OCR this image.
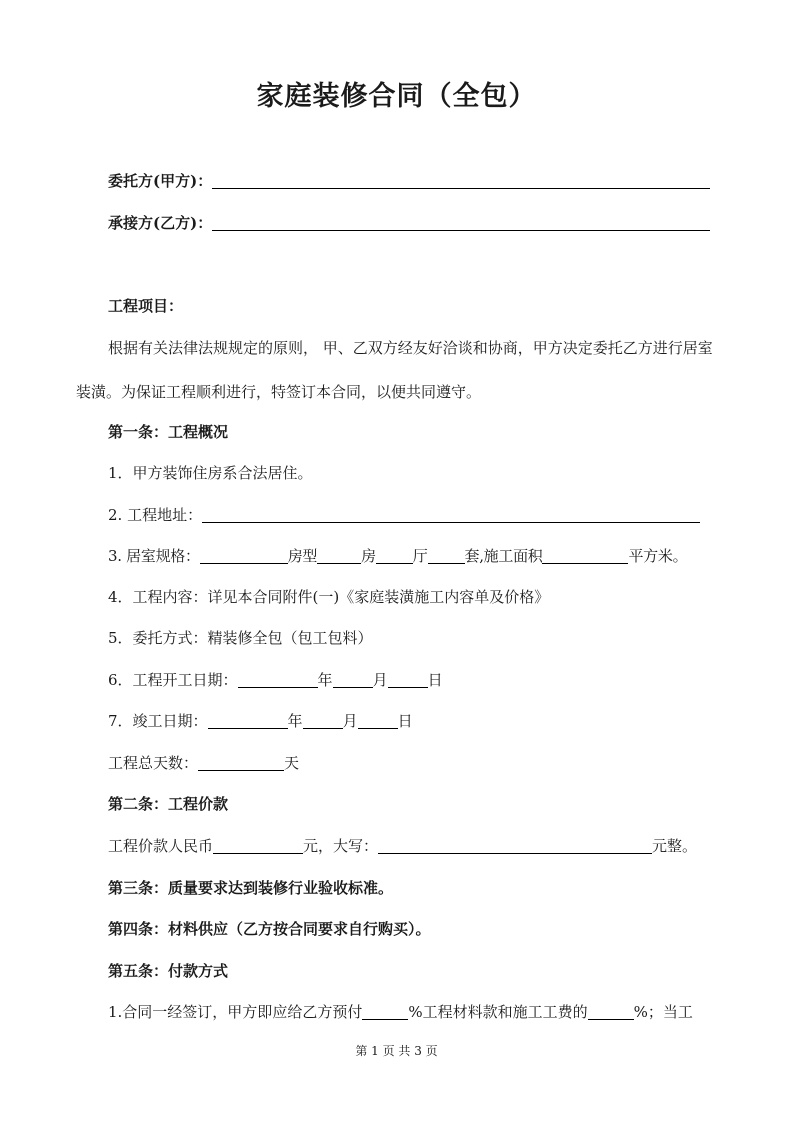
家庭装修合同（全包）
委托方(甲方)：
承接方(乙方)：
工程项目：
根据有关法律法规规定的原则， 甲、乙双方经友好洽谈和协商，甲方决定委托乙方进行居室装潢。为保证工程顺利进行，特签订本合同，以便共同遵守。
第一条：工程概况
1．甲方装饰住房系合法居住。
2. 工程地址：
3. 居室规格：	房型	房 厅 套,施工面积	平方米。
4．工程内容：详见本合同附件(一)《家庭装潢施工内容单及价格》
5．委托方式：精装修全包（包工包料）
6．工程开工日期：	年	月	日
7．竣工日期：	年	月	日
工程总天数：	天
第二条：工程价款
工程价款人民币	元，大写：	元整。
第三条：质量要求达到装修行业验收标准。
第四条：材料供应（乙方按合同要求自行购买）。
第五条：付款方式
1.合同一经签订，甲方即应给乙方预付	%工程材料款和施工工费的	%；当工
第 1 页 共 3 页
